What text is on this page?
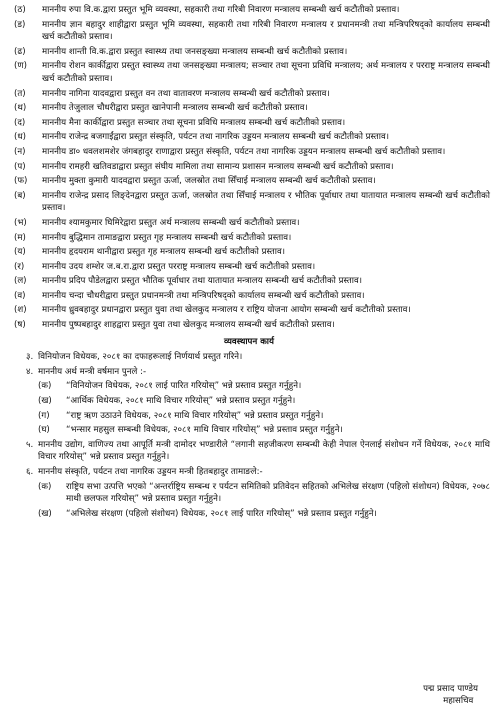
(ठ)	माननीय रुपा वि.क.द्वारा प्रस्तुत भूमि व्यवस्था, सहकारी तथा गरिबी निवारण मन्त्रालय सम्बन्धी खर्च कटौतीको प्रस्ताव।
(ड)	माननीय ज्ञान बहादुर शाहीद्वारा प्रस्तुत भूमि व्यवस्था, सहकारी तथा गरिबी निवारण मन्त्रालय र प्रधानमन्त्री तथा मन्त्रिपरिषद्को कार्यालय सम्बन्धी खर्च कटौतीको प्रस्ताव।
(ढ)	माननीय शान्ती वि.क.द्वारा प्रस्तुत स्वास्थ्य तथा जनसङ्ख्या मन्त्रालय सम्बन्धी खर्च कटौतीको प्रस्ताव।
(ण)	माननीय रोशन कार्कीद्वारा प्रस्तुत स्वास्थ्य तथा जनसङ्ख्या मन्त्रालय; सञ्चार तथा सूचना प्रविधि मन्त्रालय; अर्थ मन्त्रालय र परराष्ट्र मन्त्रालय सम्बन्धी खर्च कटौतीको प्रस्ताव।
(त)	माननीय नागिना यादवद्वारा प्रस्तुत वन तथा वातावरण मन्त्रालय सम्बन्धी खर्च कटौतीको प्रस्ताव।
(थ)	माननीय तेजुलाल चौधरीद्वारा प्रस्तुत खानेपानी मन्त्रालय सम्बन्धी खर्च कटौतीको प्रस्ताव।
(द)	माननीय मैना कार्कीद्वारा प्रस्तुत सञ्चार तथा सूचना प्रविधि मन्त्रालय सम्बन्धी खर्च कटौतीको प्रस्ताव।
(ध)	माननीय राजेन्द्र बजगाईंद्वारा प्रस्तुत संस्कृति, पर्यटन तथा नागरिक उड्डयन मन्त्रालय सम्बन्धी खर्च कटौतीको प्रस्ताव।
(न)	माननीय डा० धवलशमशेर जंगबहादुर राणाद्वारा प्रस्तुत संस्कृति, पर्यटन तथा नागरिक उड्डयन मन्त्रालय सम्बन्धी खर्च कटौतीको प्रस्ताव।
(प)	माननीय रामहरी खतिवडाद्वारा प्रस्तुत संघीय मामिला तथा सामान्य प्रशासन मन्त्रालय सम्बन्धी खर्च कटौतीको प्रस्ताव।
(फ)	माननीय मुक्ता कुमारी यादवद्वारा प्रस्तुत ऊर्जा, जलस्रोत तथा सिँचाई मन्त्रालय सम्बन्धी खर्च कटौतीको प्रस्ताव।
(ब)	माननीय राजेन्द्र प्रसाद लिङ्देनद्वारा प्रस्तुत ऊर्जा, जलस्रोत तथा सिँचाई मन्त्रालय र भौतिक पूर्वाधार तथा यातायात मन्त्रालय सम्बन्धी खर्च कटौतीको प्रस्ताव।
(भ)	माननीय श्यामकुमार घिमिरेद्वारा प्रस्तुत अर्थ मन्त्रालय सम्बन्धी खर्च कटौतीको प्रस्ताव।
(म)	माननीय बुद्धिमान तामाङद्वारा प्रस्तुत गृह मन्त्रालय सम्बन्धी खर्च कटौतीको प्रस्ताव।
(य)	माननीय हृदयराम थानीद्वारा प्रस्तुत गृह मन्त्रालय सम्बन्धी खर्च कटौतीको प्रस्ताव।
(र)	माननीय उदय शम्शेर ज.ब.रा.द्वारा प्रस्तुत परराष्ट्र मन्त्रालय सम्बन्धी खर्च कटौतीको प्रस्ताव।
(ल)	माननीय प्रदिप पौडेलद्वारा प्रस्तुत भौतिक पूर्वाधार तथा यातायात मन्त्रालय सम्बन्धी खर्च कटौतीको प्रस्ताव।
(व)	माननीय चन्दा चौधरीद्वारा प्रस्तुत प्रधानमन्त्री तथा मन्त्रिपरिषद्को कार्यालय सम्बन्धी खर्च कटौतीको प्रस्ताव।
(श)	माननीय ध्रुवबहादुर प्रधानद्वारा प्रस्तुत युवा तथा खेलकुद मन्त्रालय र राष्ट्रिय योजना आयोग सम्बन्धी खर्च कटौतीको प्रस्ताव।
(ष)	माननीय पुष्पबहादुर शाहद्वारा प्रस्तुत युवा तथा खेलकुद मन्त्रालय सम्बन्धी खर्च कटौतीको प्रस्ताव।
व्यवस्थापन कार्य
३. विनियोजन विधेयक, २०८१ का दफाहरूलाई निर्णयार्थ प्रस्तुत गरिने।
४. माननीय अर्थ मन्त्री वर्षमान पुनले :-
(क)	“विनियोजन विधेयक, २०८१ लाई पारित गरियोस्” भन्ने प्रस्ताव प्रस्तुत गर्नुहुने।
(ख)	“आर्थिक विधेयक, २०८१ माथि विचार गरियोस्” भन्ने प्रस्ताव प्रस्तुत गर्नुहुने।
(ग)	“राष्ट्र ऋण उठाउने विधेयक, २०८१ माथि विचार गरियोस्” भन्ने प्रस्ताव प्रस्तुत गर्नुहुने।
(घ)	“भन्सार महसुल सम्बन्धी विधेयक, २०८१ माथि विचार गरियोस्” भन्ने प्रस्ताव प्रस्तुत गर्नुहुने।
५. माननीय उद्योग, वाणिज्य तथा आपूर्ति मन्त्री दामोदर भण्डारीले “लगानी सहजीकरण सम्बन्धी केही नेपाल ऐनलाई संशोधन गर्ने विधेयक, २०८१ माथि विचार गरियोस्” भन्ने प्रस्ताव प्रस्तुत गर्नुहुने।
६. माननीय संस्कृति, पर्यटन तथा नागरिक उड्डयन मन्त्री हितबहादुर तामाङले:-
(क)	राष्ट्रिय सभा उत्पत्ति भएको “अन्तर्राष्ट्रिय सम्बन्ध र पर्यटन समितिको प्रतिवेदन सहितको अभिलेख संरक्षण (पहिलो संशोधन) विधेयक, २०७८ माथी छलफल गरियोस्” भन्ने प्रस्ताव प्रस्तुत गर्नुहुने।
(ख)	“अभिलेख संरक्षण (पहिलो संशोधन) विधेयक, २०८१ लाई पारित गरियोस्” भन्ने प्रस्ताव प्रस्तुत गर्नुहुने।
पद्म प्रसाद पाण्डेय
महासचिव
